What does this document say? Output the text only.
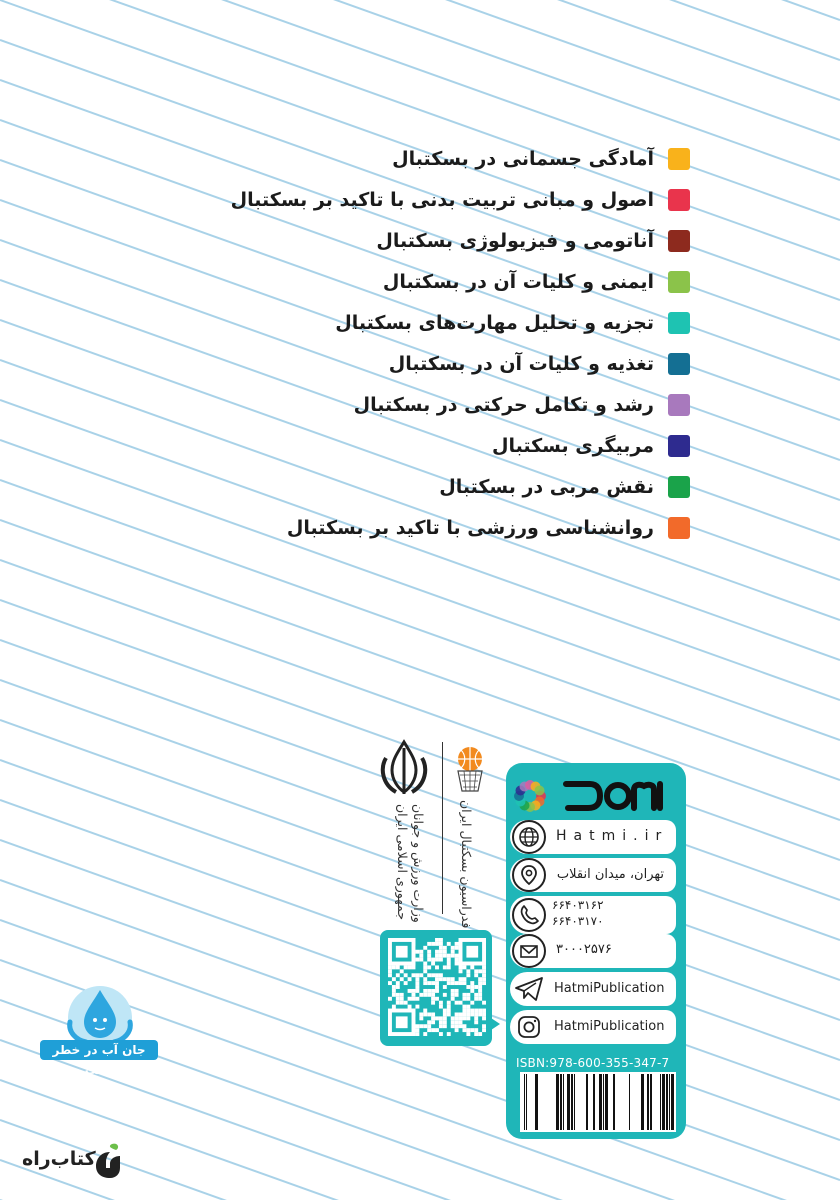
آمادگی جسمانی در بسکتبال
اصول و مبانی تربیت بدنی با تاکید بر بسکتبال
آناتومی و فیزیولوژی بسکتبال
ایمنی و کلیات آن در بسکتبال
تجزیه و تحلیل مهارت‌های بسکتبال
تغذیه و کلیات آن در بسکتبال
رشد و تکامل حرکتی در بسکتبال
مربیگری بسکتبال
نقش مربی در بسکتبال
روانشناسی ورزشی با تاکید بر بسکتبال
جمهوری اسلامی ایران وزارت ورزش و جوانان	فدراسیون بسکتبال ایران	Hatmi.ir
تهران، میدان انقلاب
۶۶۴۰۳۱۶۲
۶۶۴۰۳۱۷۰
۳۰۰۰۲۵۷۶
HatmiPublication
HatmiPublication
ISBN:978-600-355-347-7
جان آب در خطر است
کتاب‌راه
